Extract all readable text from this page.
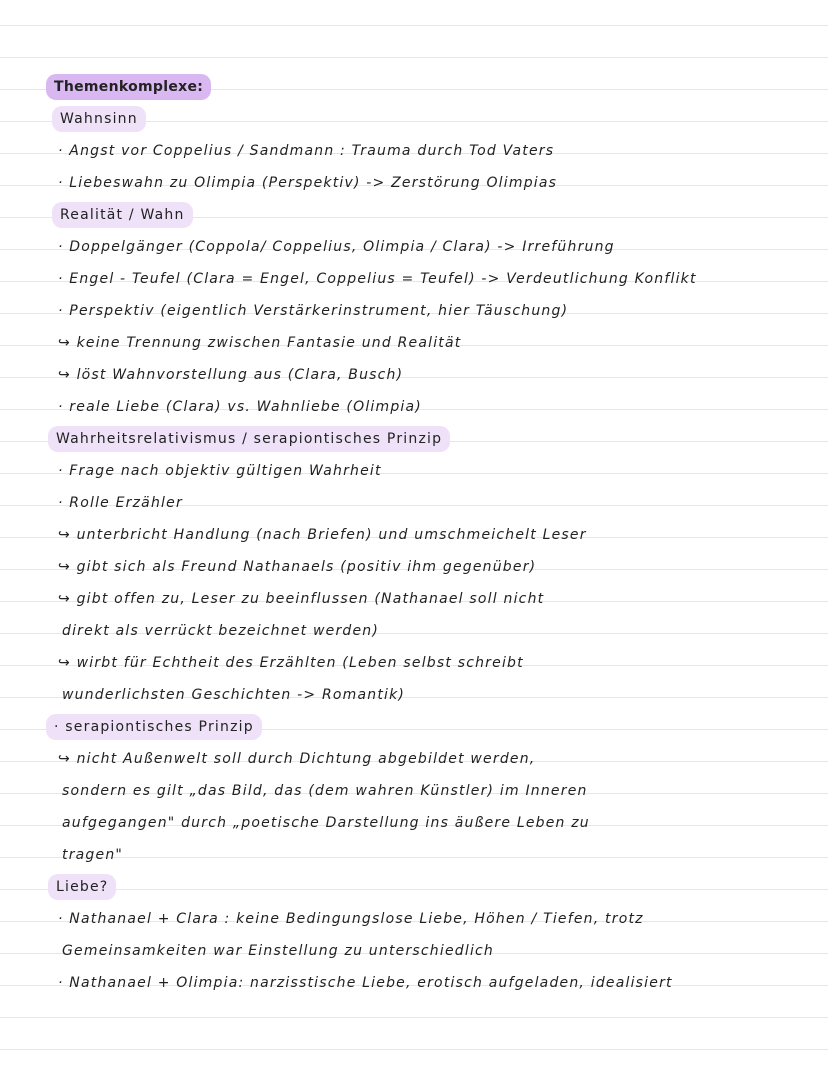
Themenkomplexe:
Wahnsinn
· Angst vor Coppelius / Sandmann : Trauma durch Tod Vaters
· Liebeswahn zu Olimpia (Perspektiv) -> Zerstörung Olimpias
Realität / Wahn
· Doppelgänger (Coppola/ Coppelius, Olimpia / Clara) -> Irreführung
· Engel - Teufel (Clara = Engel, Coppelius = Teufel) -> Verdeutlichung Konflikt
· Perspektiv (eigentlich Verstärkerinstrument, hier Täuschung)
↪ keine Trennung zwischen Fantasie und Realität
↪ löst Wahnvorstellung aus (Clara, Busch)
· reale Liebe (Clara) vs. Wahnliebe (Olimpia)
Wahrheitsrelativismus / serapiontisches Prinzip
· Frage nach objektiv gültigen Wahrheit
· Rolle Erzähler
↪ unterbricht Handlung (nach Briefen) und umschmeichelt Leser
↪ gibt sich als Freund Nathanaels (positiv ihm gegenüber)
↪ gibt offen zu, Leser zu beeinflussen (Nathanael soll nicht
direkt als verrückt bezeichnet werden)
↪ wirbt für Echtheit des Erzählten (Leben selbst schreibt
wunderlichsten Geschichten -> Romantik)
· serapiontisches Prinzip
↪ nicht Außenwelt soll durch Dichtung abgebildet werden,
sondern es gilt „das Bild, das (dem wahren Künstler) im Inneren
aufgegangen" durch „poetische Darstellung ins äußere Leben zu
tragen"
Liebe?
· Nathanael + Clara : keine Bedingungslose Liebe, Höhen / Tiefen, trotz
Gemeinsamkeiten war Einstellung zu unterschiedlich
· Nathanael + Olimpia: narzisstische Liebe, erotisch aufgeladen, idealisiert
